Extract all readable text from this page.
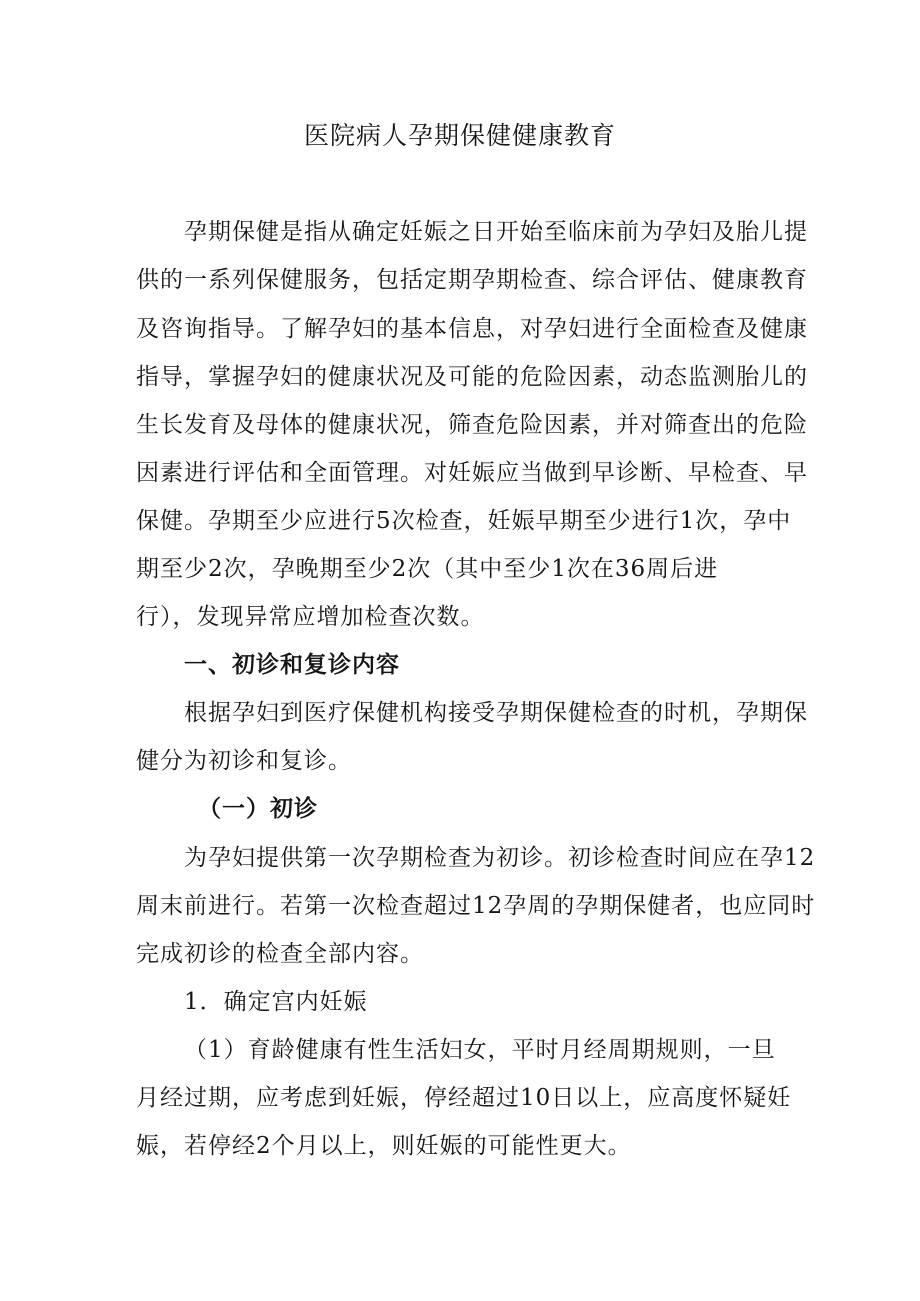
医院病人孕期保健健康教育
孕期保健是指从确定妊娠之日开始至临床前为孕妇及胎儿提
供的一系列保健服务，包括定期孕期检查、综合评估、健康教育
及咨询指导。了解孕妇的基本信息，对孕妇进行全面检查及健康
指导，掌握孕妇的健康状况及可能的危险因素，动态监测胎儿的
生长发育及母体的健康状况，筛查危险因素，并对筛查出的危险
因素进行评估和全面管理。对妊娠应当做到早诊断、早检查、早
保健。孕期至少应进行5次检查，妊娠早期至少进行1次，孕中
期至少2次，孕晚期至少2次（其中至少1次在36周后进
行），发现异常应增加检查次数。
一、初诊和复诊内容
根据孕妇到医疗保健机构接受孕期保健检查的时机，孕期保
健分为初诊和复诊。
（一）初诊
为孕妇提供第一次孕期检查为初诊。初诊检查时间应在孕12
周末前进行。若第一次检查超过12孕周的孕期保健者，也应同时
完成初诊的检查全部内容。
1．确定宫内妊娠
（1）育龄健康有性生活妇女，平时月经周期规则，一旦
月经过期，应考虑到妊娠，停经超过10日以上，应高度怀疑妊
娠，若停经2个月以上，则妊娠的可能性更大。
